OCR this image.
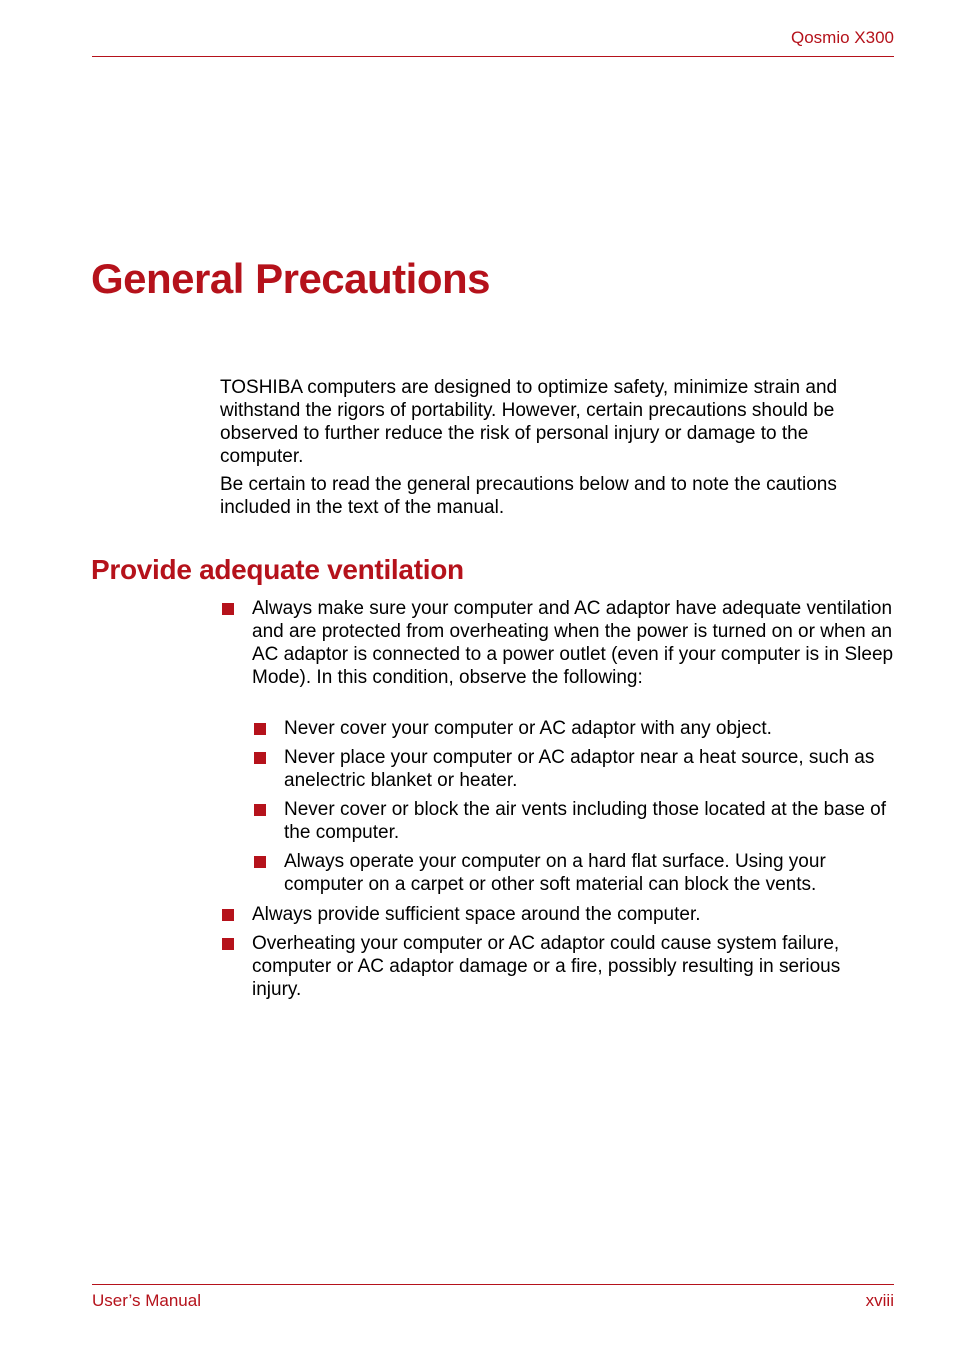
Qosmio X300
General Precautions

TOSHIBA computers are designed to optimize safety, minimize strain and withstand the rigors of portability. However, certain precautions should be observed to further reduce the risk of personal injury or damage to the computer.

Be certain to read the general precautions below and to note the cautions included in the text of the manual.

Provide adequate ventilation
Always make sure your computer and AC adaptor have adequate ventilation and are protected from overheating when the power is turned on or when an AC adaptor is connected to a power outlet (even if your computer is in Sleep Mode). In this condition, observe the following:
Never cover your computer or AC adaptor with any object.
Never place your computer or AC adaptor near a heat source, such as anelectric blanket or heater.
Never cover or block the air vents including those located at the base of the computer.
Always operate your computer on a hard flat surface. Using your computer on a carpet or other soft material can block the vents.
Always provide sufficient space around the computer.
Overheating your computer or AC adaptor could cause system failure, computer or AC adaptor damage or a fire, possibly resulting in serious injury.
User’s Manual	xviii
